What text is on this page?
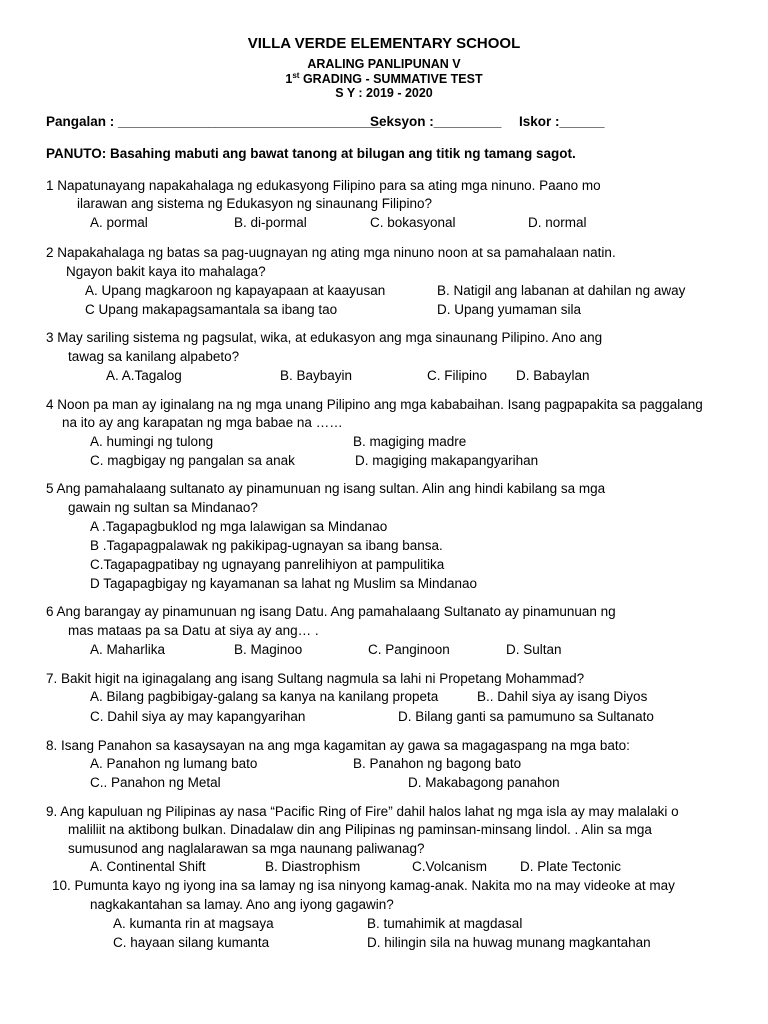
VILLA VERDE ELEMENTARY SCHOOL
ARALING PANLIPUNAN V
1st GRADING - SUMMATIVE TEST
S Y : 2019 - 2020
Pangalan : ___________________________________
Seksyon :_________ Iskor :______
PANUTO: Basahing mabuti ang bawat tanong at bilugan ang titik ng tamang sagot.
1 Napatunayang napakahalaga ng edukasyong Filipino para sa ating mga ninuno. Paano mo
ilarawan ang sistema ng Edukasyon ng sinaunang Filipino?
A. pormal	B. di-pormal	C. bokasyonal	D. normal
2 Napakahalaga ng batas sa pag-uugnayan ng ating mga ninuno noon at sa pamahalaan natin.
Ngayon bakit kaya ito mahalaga?
A. Upang magkaroon ng kapayapaan at kaayusan	B. Natigil ang labanan at dahilan ng away
C Upang makapagsamantala sa ibang tao	D. Upang yumaman sila
3 May sariling sistema ng pagsulat, wika, at edukasyon ang mga sinaunang Pilipino. Ano ang
tawag sa kanilang alpabeto?
A. A.Tagalog	B. Baybayin	C. Filipino D. Babaylan
4 Noon pa man ay iginalang na ng mga unang Pilipino ang mga kababaihan. Isang pagpapakita sa paggalang
na ito ay ang karapatan ng mga babae na ……
A. humingi ng tulong	B. magiging madre
C. magbigay ng pangalan sa anak	D. magiging makapangyarihan
5 Ang pamahalaang sultanato ay pinamunuan ng isang sultan. Alin ang hindi kabilang sa mga
gawain ng sultan sa Mindanao?
A .Tagapagbuklod ng mga lalawigan sa Mindanao
B .Tagapagpalawak ng pakikipag-ugnayan sa ibang bansa.
C.Tagapagpatibay ng ugnayang panrelihiyon at pampulitika
D Tagapagbigay ng kayamanan sa lahat ng Muslim sa Mindanao
6 Ang barangay ay pinamunuan ng isang Datu. Ang pamahalaang Sultanato ay pinamunuan ng
mas mataas pa sa Datu at siya ay ang… .
A. Maharlika	B. Maginoo	C. Panginoon	D. Sultan
7. Bakit higit na iginagalang ang isang Sultang nagmula sa lahi ni Propetang Mohammad?
A. Bilang pagbibigay-galang sa kanya na kanilang propeta	B.. Dahil siya ay isang Diyos
C. Dahil siya ay may kapangyarihan	D. Bilang ganti sa pamumuno sa Sultanato
8. Isang Panahon sa kasaysayan na ang mga kagamitan ay gawa sa magagaspang na mga bato:
A. Panahon ng lumang bato	B. Panahon ng bagong bato
C.. Panahon ng Metal	D. Makabagong panahon
9. Ang kapuluan ng Pilipinas ay nasa “Pacific Ring of Fire” dahil halos lahat ng mga isla ay may malalaki o
maliliit na aktibong bulkan. Dinadalaw din ang Pilipinas ng paminsan-minsang lindol. . Alin sa mga
sumusunod ang naglalarawan sa mga naunang paliwanag?
A. Continental Shift	B. Diastrophism	C.Volcanism D. Plate Tectonic
10. Pumunta kayo ng iyong ina sa lamay ng isa ninyong kamag-anak. Nakita mo na may videoke at may
nagkakantahan sa lamay. Ano ang iyong gagawin?
A. kumanta rin at magsaya	B. tumahimik at magdasal
C. hayaan silang kumanta	D. hilingin sila na huwag munang magkantahan
